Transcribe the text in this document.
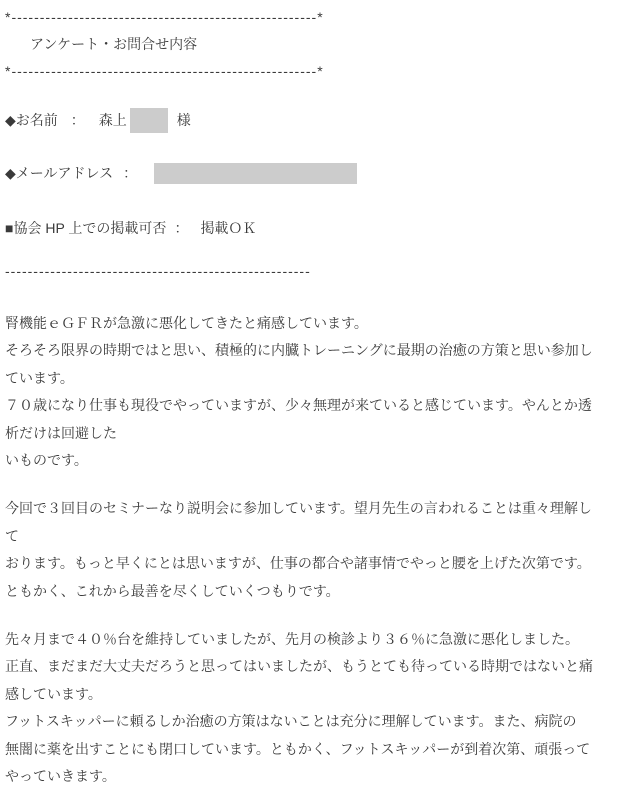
*------------------------------------------------------*
アンケート・お問合せ内容
*------------------------------------------------------*
◆お名前 ： 森上	様
◆メールアドレス ：
■協会 HP 上での掲載可否 ： 掲載ＯＫ
------------------------------------------------------
腎機能ｅＧＦＲが急激に悪化してきたと痛感しています。
そろそろ限界の時期ではと思い、積極的に内臓トレーニングに最期の治癒の方策と思い参加し
ています。
７０歳になり仕事も現役でやっていますが、少々無理が来ていると感じています。やんとか透
析だけは回避した
いものです。
今回で３回目のセミナーなり説明会に参加しています。望月先生の言われることは重々理解し
て
おります。もっと早くにとは思いますが、仕事の都合や諸事情でやっと腰を上げた次第です。
ともかく、これから最善を尽くしていくつもりです。
先々月まで４０％台を維持していましたが、先月の検診より３６％に急激に悪化しました。
正直、まだまだ大丈夫だろうと思ってはいましたが、もうとても待っている時期ではないと痛
感しています。
フットスキッパーに頼るしか治癒の方策はないことは充分に理解しています。また、病院の
無闇に薬を出すことにも閉口しています。ともかく、フットスキッパーが到着次第、頑張って
やっていきます。
